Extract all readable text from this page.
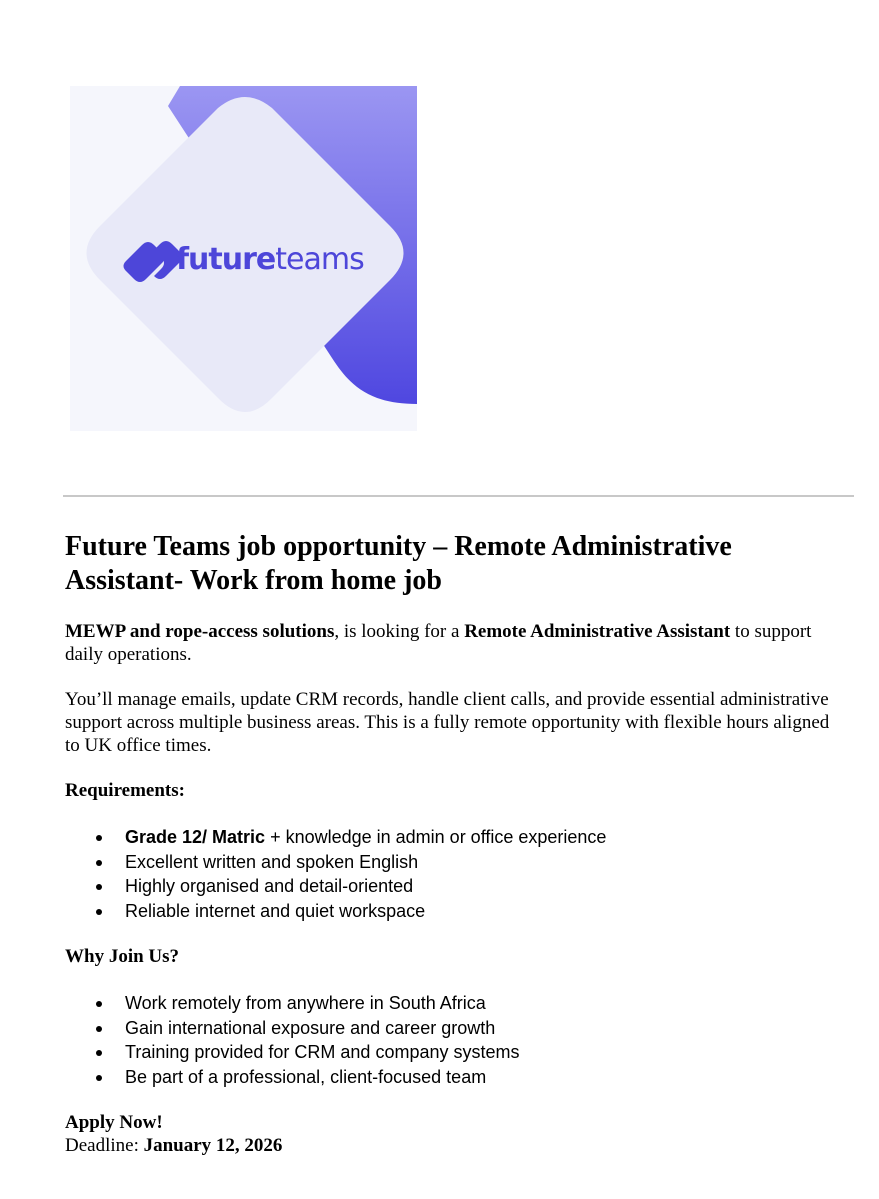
futureteams
Future Teams job opportunity – Remote Administrative Assistant- Work from home job

MEWP and rope-access solutions, is looking for a Remote Administrative Assistant to support daily operations.

You’ll manage emails, update CRM records, handle client calls, and provide essential administrative support across multiple business areas. This is a fully remote opportunity with flexible hours aligned to UK office times.

Requirements:
Grade 12/ Matric + knowledge in admin or office experience
Excellent written and spoken English
Highly organised and detail-oriented
Reliable internet and quiet workspace
Why Join Us?
Work remotely from anywhere in South Africa
Gain international exposure and career growth
Training provided for CRM and company systems
Be part of a professional, client-focused team
Apply Now!
Deadline: January 12, 2026
